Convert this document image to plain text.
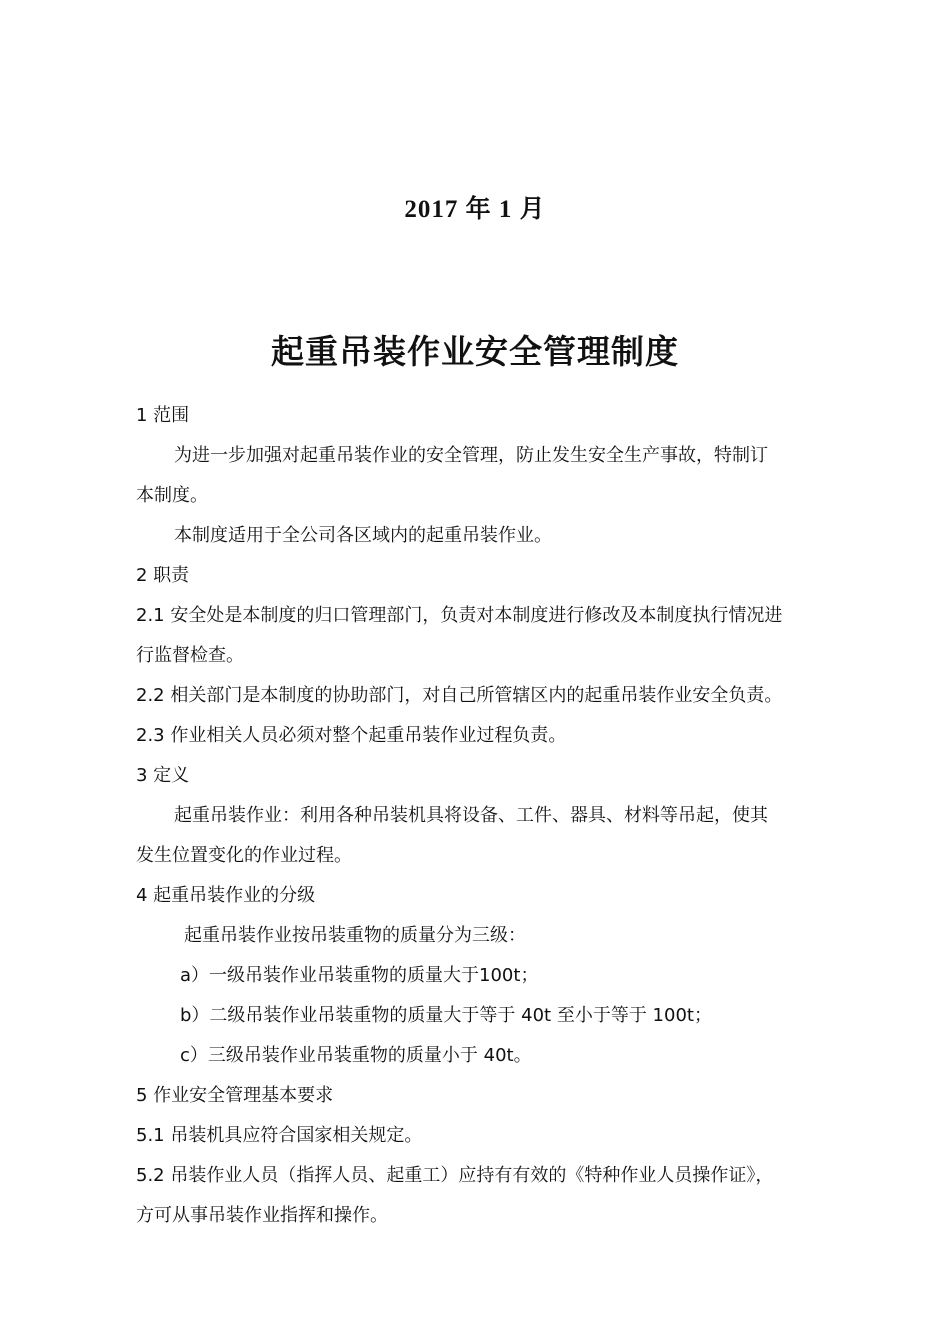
2017 年 1 月
起重吊装作业安全管理制度

1 范围

为进一步加强对起重吊装作业的安全管理，防止发生安全生产事故，特制订

本制度。

本制度适用于全公司各区域内的起重吊装作业。

2 职责

2.1 安全处是本制度的归口管理部门，负责对本制度进行修改及本制度执行情况进

行监督检查。

2.2 相关部门是本制度的协助部门，对自己所管辖区内的起重吊装作业安全负责。

2.3 作业相关人员必须对整个起重吊装作业过程负责。

3 定义

起重吊装作业：利用各种吊装机具将设备、工件、器具、材料等吊起，使其

发生位置变化的作业过程。

4 起重吊装作业的分级

起重吊装作业按吊装重物的质量分为三级：

a）一级吊装作业吊装重物的质量大于100t；

b）二级吊装作业吊装重物的质量大于等于 40t 至小于等于 100t；

c）三级吊装作业吊装重物的质量小于 40t。

5 作业安全管理基本要求

5.1 吊装机具应符合国家相关规定。

5.2 吊装作业人员（指挥人员、起重工）应持有有效的《特种作业人员操作证》，

方可从事吊装作业指挥和操作。
